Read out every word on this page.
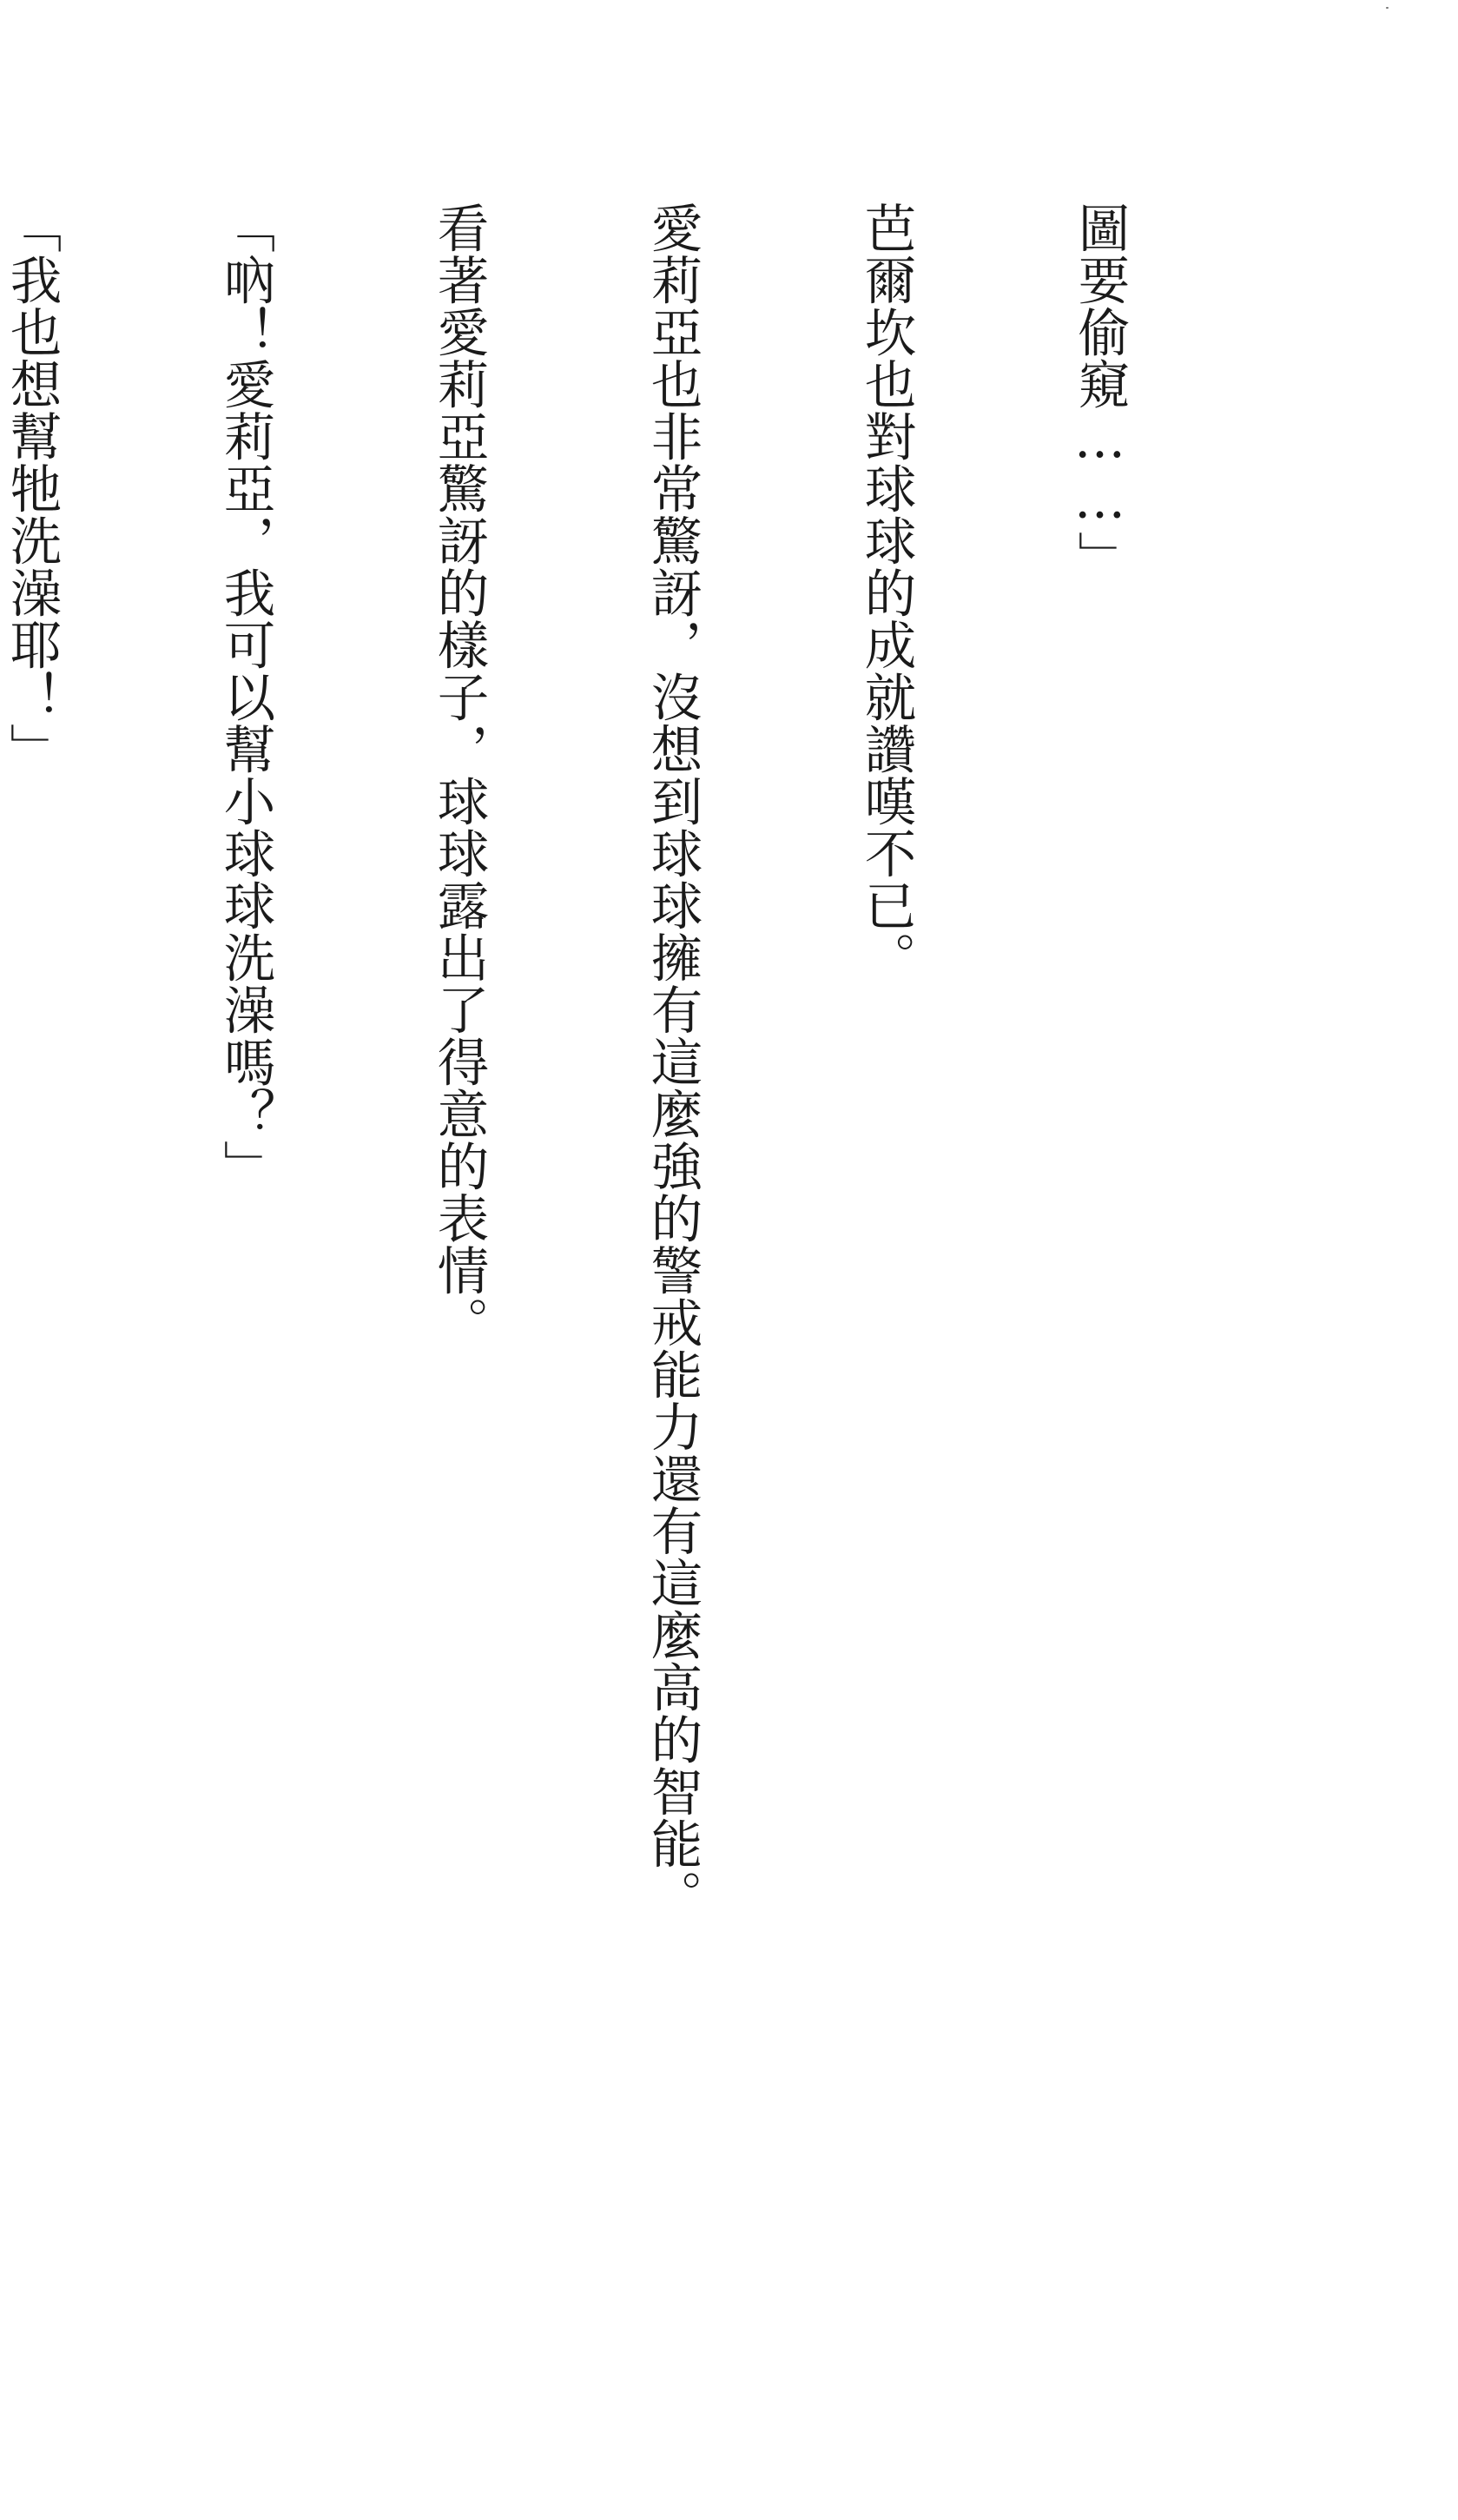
圖要偷窺……」

芭爾坎也對球球的成就讚嘆不已。

愛莉亞也非常驚訝，沒想到球球擁有這麼強的警戒能力還有這麼高的智能。

看著愛莉亞驚訝的樣子，球球露出了得意的表情。

「吶！愛莉亞，我可以幫小球球洗澡嗎？」

「我也想幫牠洗澡耶！」
